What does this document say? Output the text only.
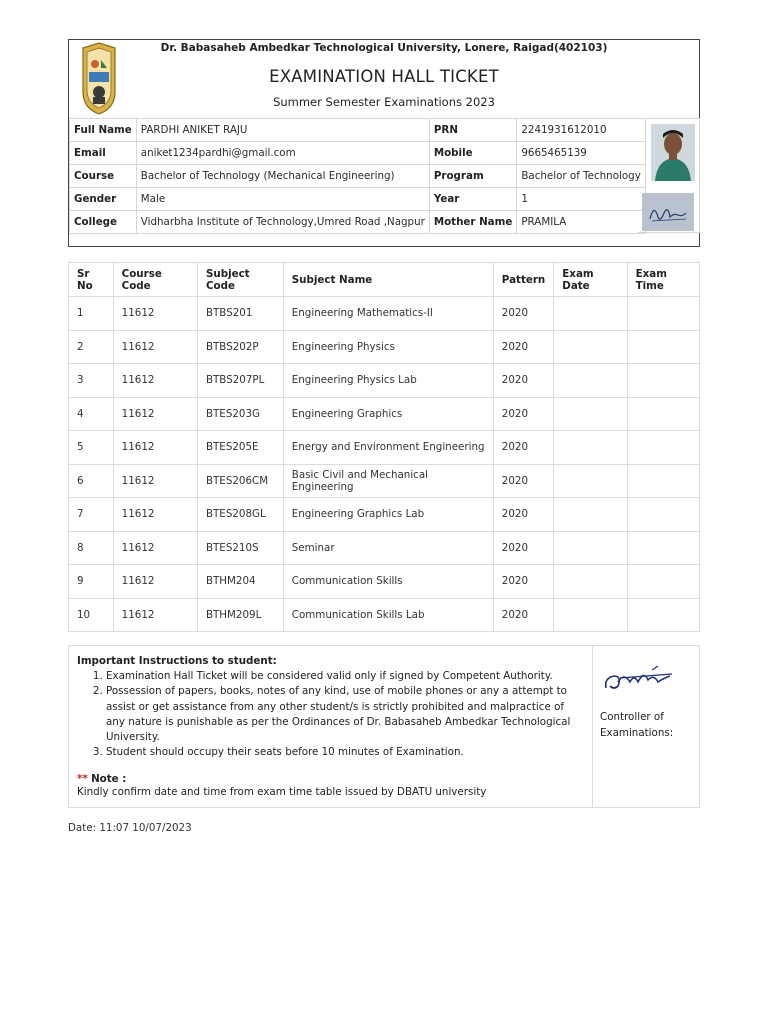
Dr. Babasaheb Ambedkar Technological University, Lonere, Raigad(402103)
EXAMINATION HALL TICKET
Summer Semester Examinations 2023
Full Name	PARDHI ANIKET RAJU	PRN	2241931612010
Email	aniket1234pardhi@gmail.com	Mobile	9665465139
Course	Bachelor of Technology (Mechanical Engineering)	Program	Bachelor of Technology
Gender	Male	Year	1
College	Vidharbha Institute of Technology,Umred Road ,Nagpur	Mother Name	PRAMILA
Sr No	Course Code	Subject Code	Subject Name	Pattern	Exam Date	Exam Time
1	11612	BTBS201	Engineering Mathematics-II	2020		
2	11612	BTBS202P	Engineering Physics	2020		
3	11612	BTBS207PL	Engineering Physics Lab	2020		
4	11612	BTES203G	Engineering Graphics	2020		
5	11612	BTES205E	Energy and Environment Engineering	2020		
6	11612	BTES206CM	Basic Civil and Mechanical Engineering	2020		
7	11612	BTES208GL	Engineering Graphics Lab	2020		
8	11612	BTES210S	Seminar	2020		
9	11612	BTHM204	Communication Skills	2020		
10	11612	BTHM209L	Communication Skills Lab	2020		
Important Instructions to student:
1. Examination Hall Ticket will be considered valid only if signed by Competent Authority.
2. Possession of papers, books, notes of any kind, use of mobile phones or any a attempt to assist or get assistance from any other student/s is strictly prohibited and malpractice of any nature is punishable as per the Ordinances of Dr. Babasaheb Ambedkar Technological University.
3. Student should occupy their seats before 10 minutes of Examination.
** Note :
Kindly confirm date and time from exam time table issued by DBATU university
Controller of
Examinations:
Date: 11:07 10/07/2023
